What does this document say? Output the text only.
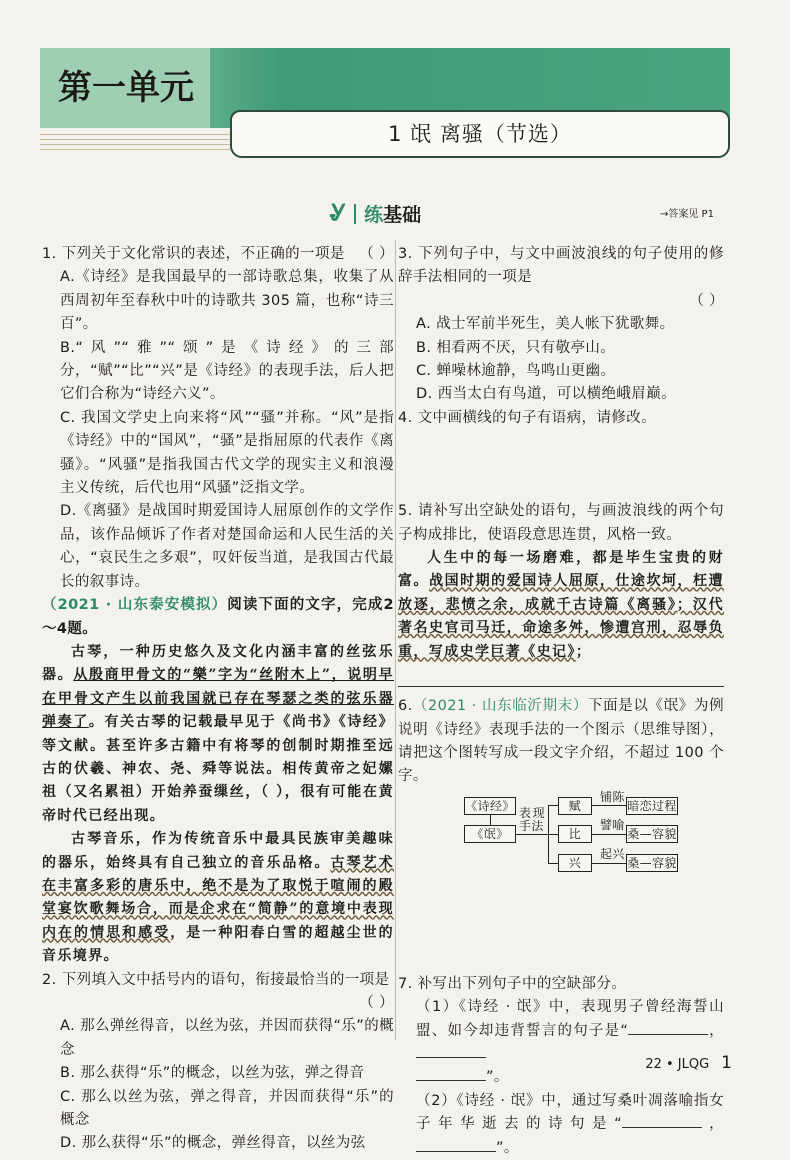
第一单元
1 氓 离骚（节选）
Ꮍ 练 基础	→答案见 P1
1. 下列关于文化常识的表述，不正确的一项是 （ ）
A.《诗经》是我国最早的一部诗歌总集，收集了从西周初年至春秋中叶的诗歌共 305 篇，也称“诗三百”。
B.“风”“雅”“颂”是《诗经》的三部分，“赋”“比”“兴”是《诗经》的表现手法，后人把它们合称为“诗经六义”。
C. 我国文学史上向来将“风”“骚”并称。“风”是指《诗经》中的“国风”，“骚”是指屈原的代表作《离骚》。“风骚”是指我国古代文学的现实主义和浪漫主义传统，后代也用“风骚”泛指文学。
D.《离骚》是战国时期爱国诗人屈原创作的文学作品，该作品倾诉了作者对楚国命运和人民生活的关心，“哀民生之多艰”，叹奸佞当道，是我国古代最长的叙事诗。
（2021 · 山东泰安模拟）阅读下面的文字，完成2～4题。
古琴，一种历史悠久及文化内涵丰富的丝弦乐器。从殷商甲骨文的“樂”字为“丝附木上”，说明早在甲骨文产生以前我国就已存在琴瑟之类的弦乐器弹奏了。有关古琴的记载最早见于《尚书》《诗经》等文献。甚至许多古籍中有将琴的创制时期推至远古的伏羲、神农、尧、舜等说法。相传黄帝之妃嫘祖（又名累祖）开始养蚕缫丝，（ ），很有可能在黄帝时代已经出现。
古琴音乐，作为传统音乐中最具民族审美趣味的器乐，始终具有自己独立的音乐品格。古琴艺术在丰富多彩的唐乐中，绝不是为了取悦于喧闹的殿堂宴饮歌舞场合，而是企求在“简静”的意境中表现内在的情思和感受，是一种阳春白雪的超越尘世的音乐境界。
2. 下列填入文中括号内的语句，衔接最恰当的一项是
（ ）
A. 那么弹丝得音，以丝为弦，并因而获得“乐”的概念
B. 那么获得“乐”的概念，以丝为弦，弹之得音
C. 那么以丝为弦，弹之得音，并因而获得“乐”的概念
D. 那么获得“乐”的概念，弹丝得音，以丝为弦
3. 下列句子中，与文中画波浪线的句子使用的修辞手法相同的一项是
（ ）
A. 战士军前半死生，美人帐下犹歌舞。
B. 相看两不厌，只有敬亭山。
C. 蝉噪林逾静，鸟鸣山更幽。
D. 西当太白有鸟道，可以横绝峨眉巅。
4. 文中画横线的句子有语病，请修改。
5. 请补写出空缺处的语句，与画波浪线的两个句子构成排比，使语段意思连贯，风格一致。
人生中的每一场磨难，都是毕生宝贵的财富。战国时期的爱国诗人屈原，仕途坎坷，枉遭放逐，悲愤之余，成就千古诗篇《离骚》；汉代著名史官司马迁，命途多舛，惨遭宫刑，忍辱负重，写成史学巨著《史记》；
6.（2021 · 山东临沂期末）下面是以《氓》为例说明《诗经》表现手法的一个图示（思维导图），请把这个图转写成一段文字介绍，不超过 100 个字。
《诗经》
《氓》
表现手法
赋
比
兴
铺陈
譬喻
起兴
暗恋过程
桑—容貌
桑—容貌
7. 补写出下列句子中的空缺部分。
（1）《诗经 · 氓》中，表现男子曾经海誓山盟、如今却违背誓言的句子是“	，
”。
（2）《诗经 · 氓》中，通过写桑叶凋落喻指女子年华逝去的诗句是“	，”。
22 • JLQG 1
